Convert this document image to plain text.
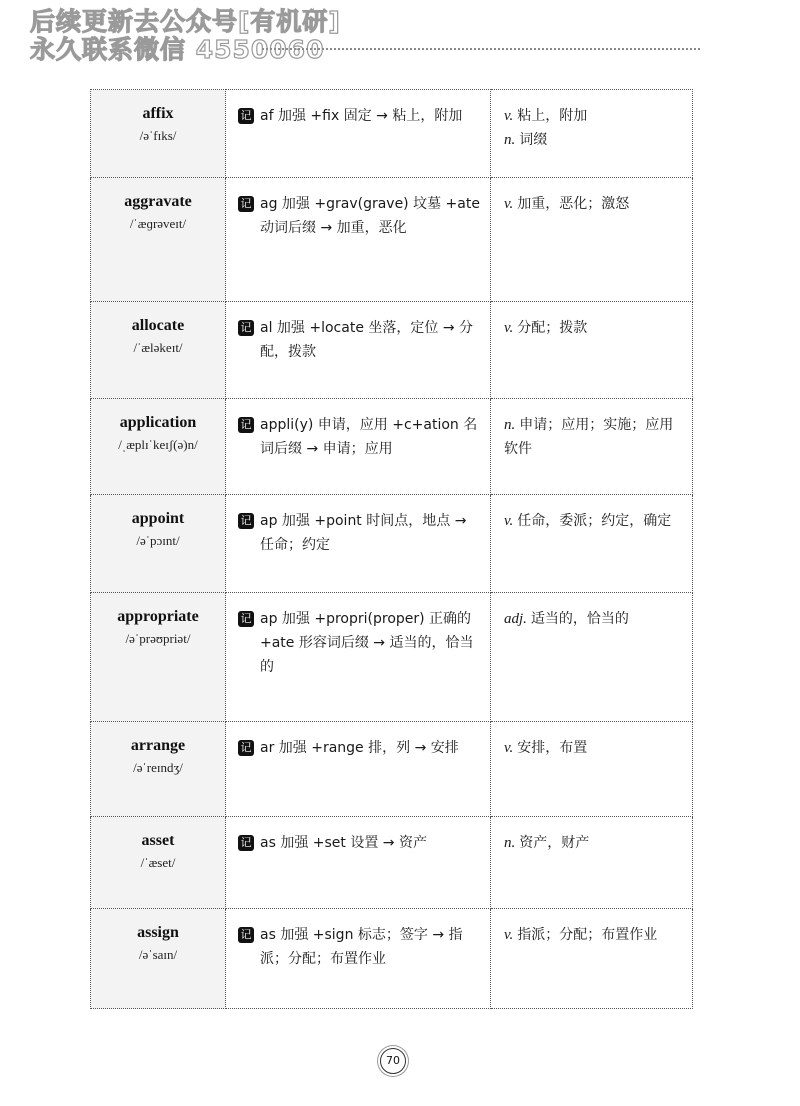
后续更新去公众号[有机研]
永久联系微信 4550060
affix
/əˈfɪks/	记 af 加强 +fix 固定 → 粘上，附加	v. 粘上，附加
n. 词缀

aggravate
/ˈæɡrəveɪt/	记 ag 加强 +grav(grave) 坟墓 +ate 动词后缀 → 加重，恶化	v. 加重，恶化；激怒

allocate
/ˈæləkeɪt/	记 al 加强 +locate 坐落，定位 → 分配，拨款	v. 分配；拨款

application
/ˌæplɪˈkeɪʃ(ə)n/	记 appli(y) 申请，应用 +c+ation 名词后缀 → 申请；应用	n. 申请；应用；实施；应用软件

appoint
/əˈpɔɪnt/	记 ap 加强 +point 时间点，地点 → 任命；约定	v. 任命，委派；约定，确定

appropriate
/əˈprəʊpriət/	记 ap 加强 +propri(proper) 正确的 +ate 形容词后缀 → 适当的，恰当的	adj. 适当的，恰当的

arrange
/əˈreɪndʒ/	记 ar 加强 +range 排，列 → 安排	v. 安排，布置

asset
/ˈæset/	记 as 加强 +set 设置 → 资产	n. 资产，财产

assign
/əˈsaɪn/	记 as 加强 +sign 标志；签字 → 指派；分配；布置作业	v. 指派；分配；布置作业
70
